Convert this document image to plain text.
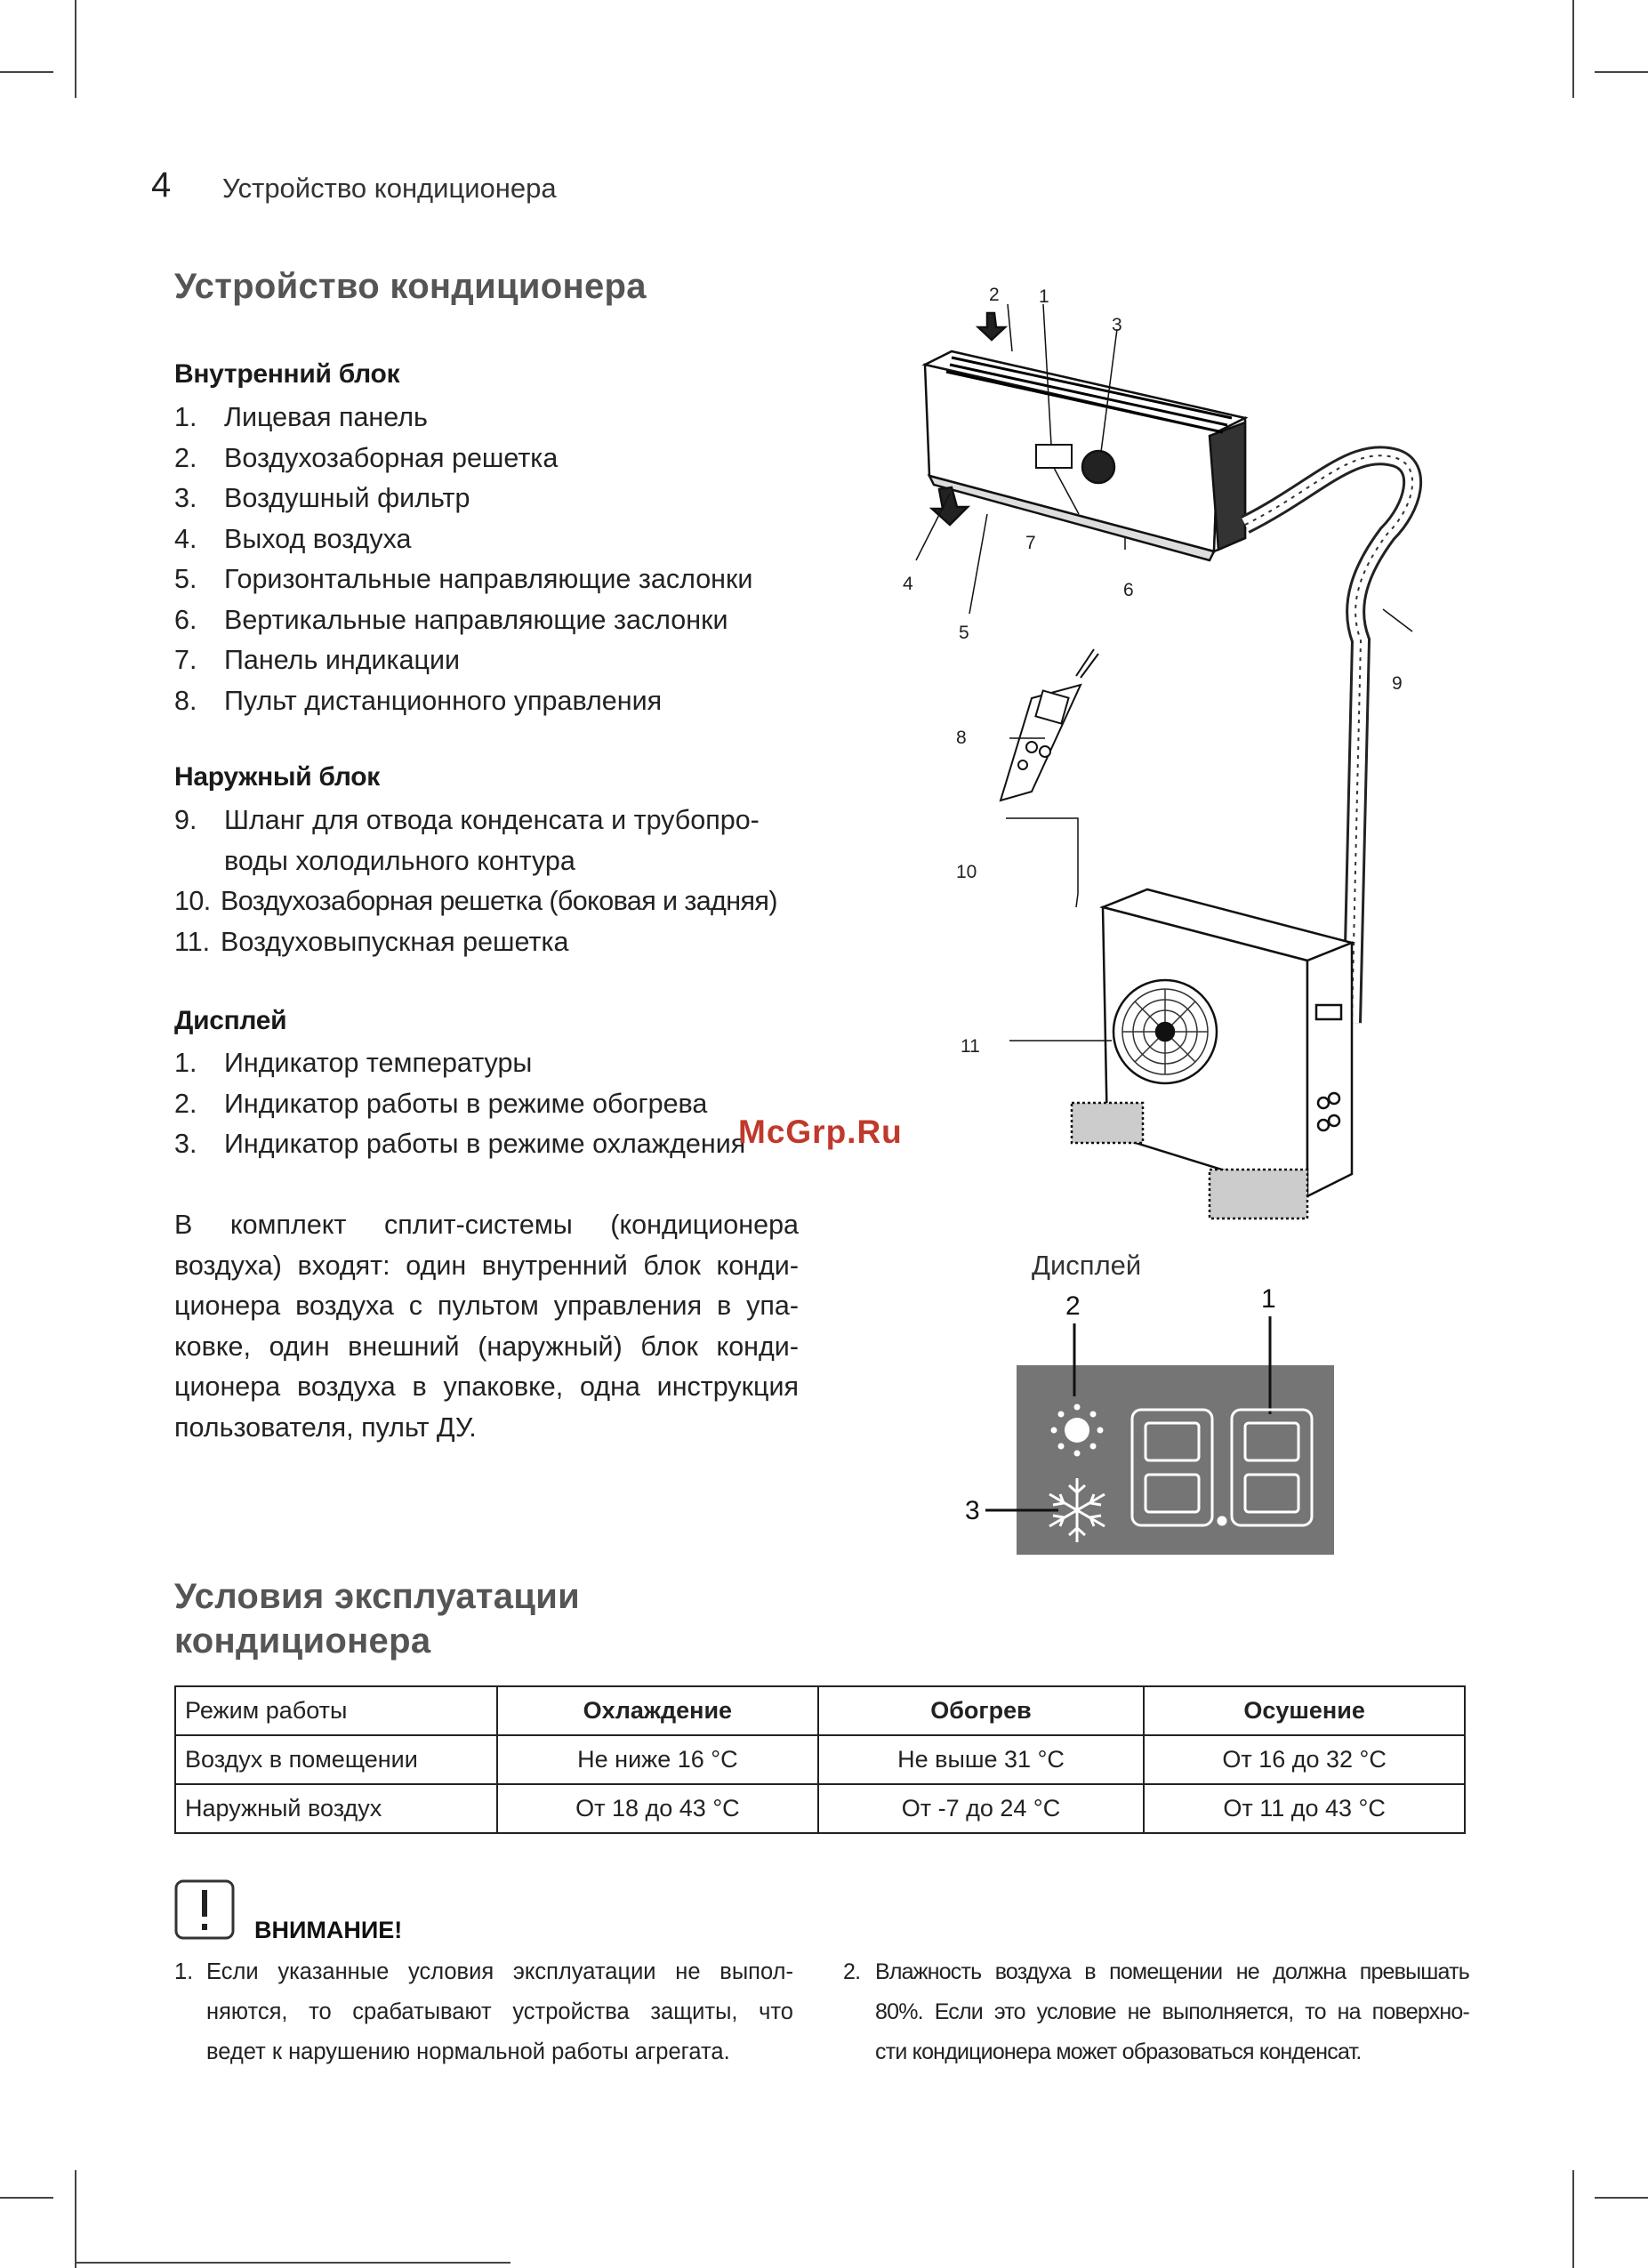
4 Устройство кондиционера
Устройство кондиционера
Внутренний блок
1.	Лицевая панель
2.	Воздухозаборная решетка
3.	Воздушный фильтр
4.	Выход воздуха
5.	Горизонтальные направляющие заслонки
6.	Вертикальные направляющие заслонки
7.	Панель индикации
8.	Пульт дистанционного управления
Наружный блок
9.	Шланг для отвода конденсата и трубопро-
воды холодильного контура
10. Воздухозаборная решетка (боковая и задняя)
11. Воздуховыпускная решетка
Дисплей
1.	Индикатор температуры
2.	Индикатор работы в режиме обогрева
3.	Индикатор работы в режиме охлаждения
McGrp.Ru
В комплект сплит-системы (кондиционера
воздуха) входят: один внутренний блок конди-
ционера воздуха с пультом управления в упа-
ковке, один внешний (наружный) блок конди-
ционера воздуха в упаковке, одна инструкция
пользователя, пульт ДУ.
2 1
3
4
5
6
7
8
9
10
11
Дисплей
2	1
3
Условия эксплуатации
кондиционера
Режим работы	Охлаждение	Обогрев	Осушение
Воздух в помещении	Не ниже 16 °C	Не выше 31 °C	От 16 до 32 °C
Наружный воздух	От 18 до 43 °C	От -7 до 24 °C	От 11 до 43 °C
ВНИМАНИЕ!
1. Если указанные условия эксплуатации не выпол-
няются, то срабатывают устройства защиты, что
ведет к нарушению нормальной работы агрегата.
2. Влажность воздуха в помещении не должна превышать
80%. Если это условие не выполняется, то на поверхно-
сти кондиционера может образоваться конденсат.
